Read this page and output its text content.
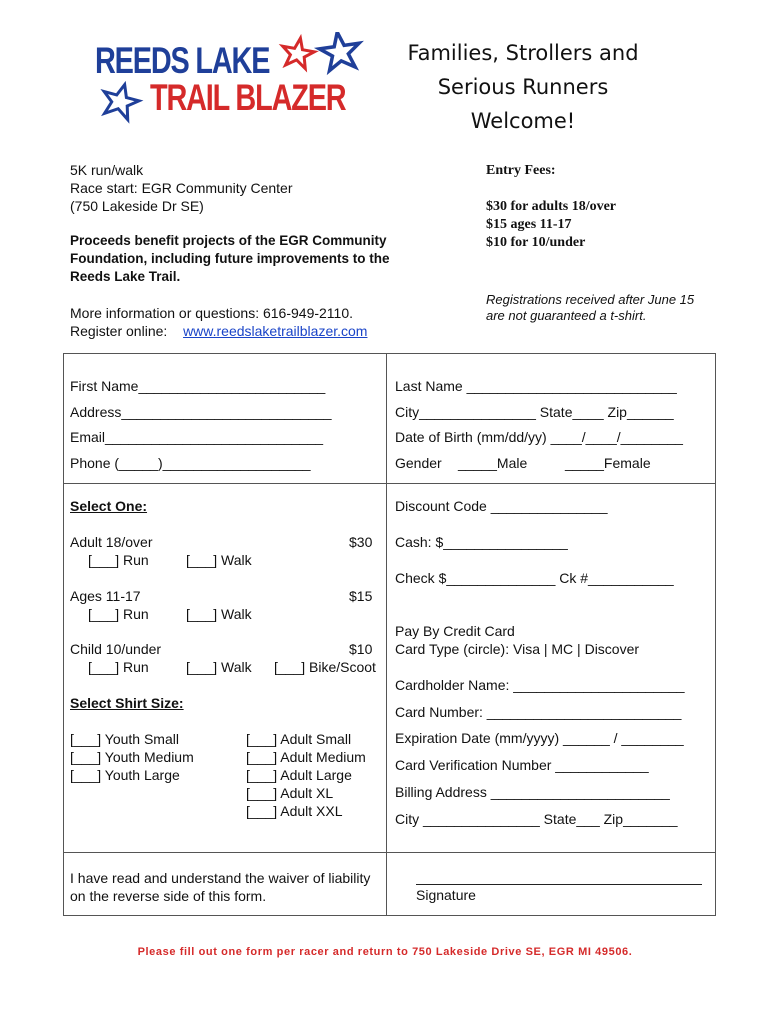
REEDS LAKE
TRAIL BLAZER
Families, Strollers and
Serious Runners
Welcome!
5K run/walk
Race start: EGR Community Center
(750 Lakeside Dr SE)
Proceeds benefit projects of the EGR Community
Foundation, including future improvements to the
Reeds Lake Trail.
More information or questions: 616-949-2110.
Register online: www.reedslaketrailblazer.com
Entry Fees:
$30 for adults 18/over
$15 ages 11-17
$10 for 10/under
Registrations received after June 15
are not guaranteed a t-shirt.
First Name________________________	Last Name ___________________________
Address___________________________	City_______________ State____ Zip______
Email____________________________	Date of Birth (mm/dd/yy) ____/____/________
Phone (_____)___________________	Gender _____Male	_____Female
Select One:
Adult 18/over	$30
[___] Run	[___] Walk
Ages 11-17	$15
[___] Run	[___] Walk
Child 10/under	$10
[___] Run	[___] Walk [___] Bike/Scoot
Select Shirt Size:
[___] Youth Small
[___] Youth Medium
[___] Youth Large
[___] Adult Small
[___] Adult Medium
[___] Adult Large
[___] Adult XL
[___] Adult XXL
Discount Code _______________
Cash: $________________
Check $______________ Ck #___________
Pay By Credit Card
Card Type (circle): Visa | MC | Discover
Cardholder Name: ______________________
Card Number: _________________________
Expiration Date (mm/yyyy) ______ / ________
Card Verification Number ____________
Billing Address _______________________
City _______________ State___ Zip_______
I have read and understand the waiver of liability
on the reverse side of this form.	Signature
Please fill out one form per racer and return to 750 Lakeside Drive SE, EGR MI 49506.
